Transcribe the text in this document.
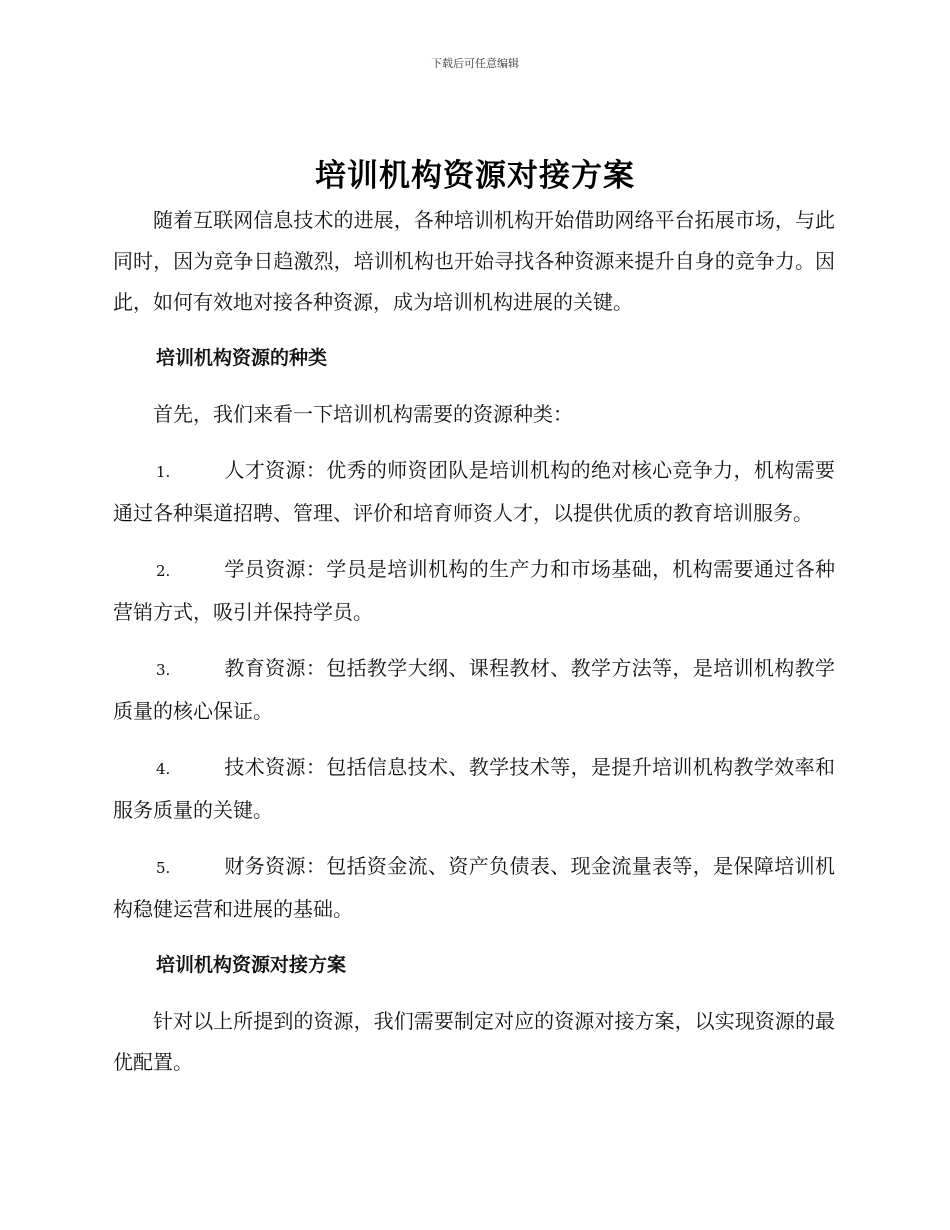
下载后可任意编辑
培训机构资源对接方案

随着互联网信息技术的进展，各种培训机构开始借助网络平台拓展市场，与此同时，因为竞争日趋激烈，培训机构也开始寻找各种资源来提升自身的竞争力。因此，如何有效地对接各种资源，成为培训机构进展的关键。

培训机构资源的种类

首先，我们来看一下培训机构需要的资源种类：

1.	人才资源：优秀的师资团队是培训机构的绝对核心竞争力，机构需要通过各种渠道招聘、管理、评价和培育师资人才，以提供优质的教育培训服务。

2.	学员资源：学员是培训机构的生产力和市场基础，机构需要通过各种营销方式，吸引并保持学员。

3.	教育资源：包括教学大纲、课程教材、教学方法等，是培训机构教学质量的核心保证。

4.	技术资源：包括信息技术、教学技术等，是提升培训机构教学效率和服务质量的关键。

5.	财务资源：包括资金流、资产负债表、现金流量表等，是保障培训机构稳健运营和进展的基础。

培训机构资源对接方案

针对以上所提到的资源，我们需要制定对应的资源对接方案，以实现资源的最优配置。
